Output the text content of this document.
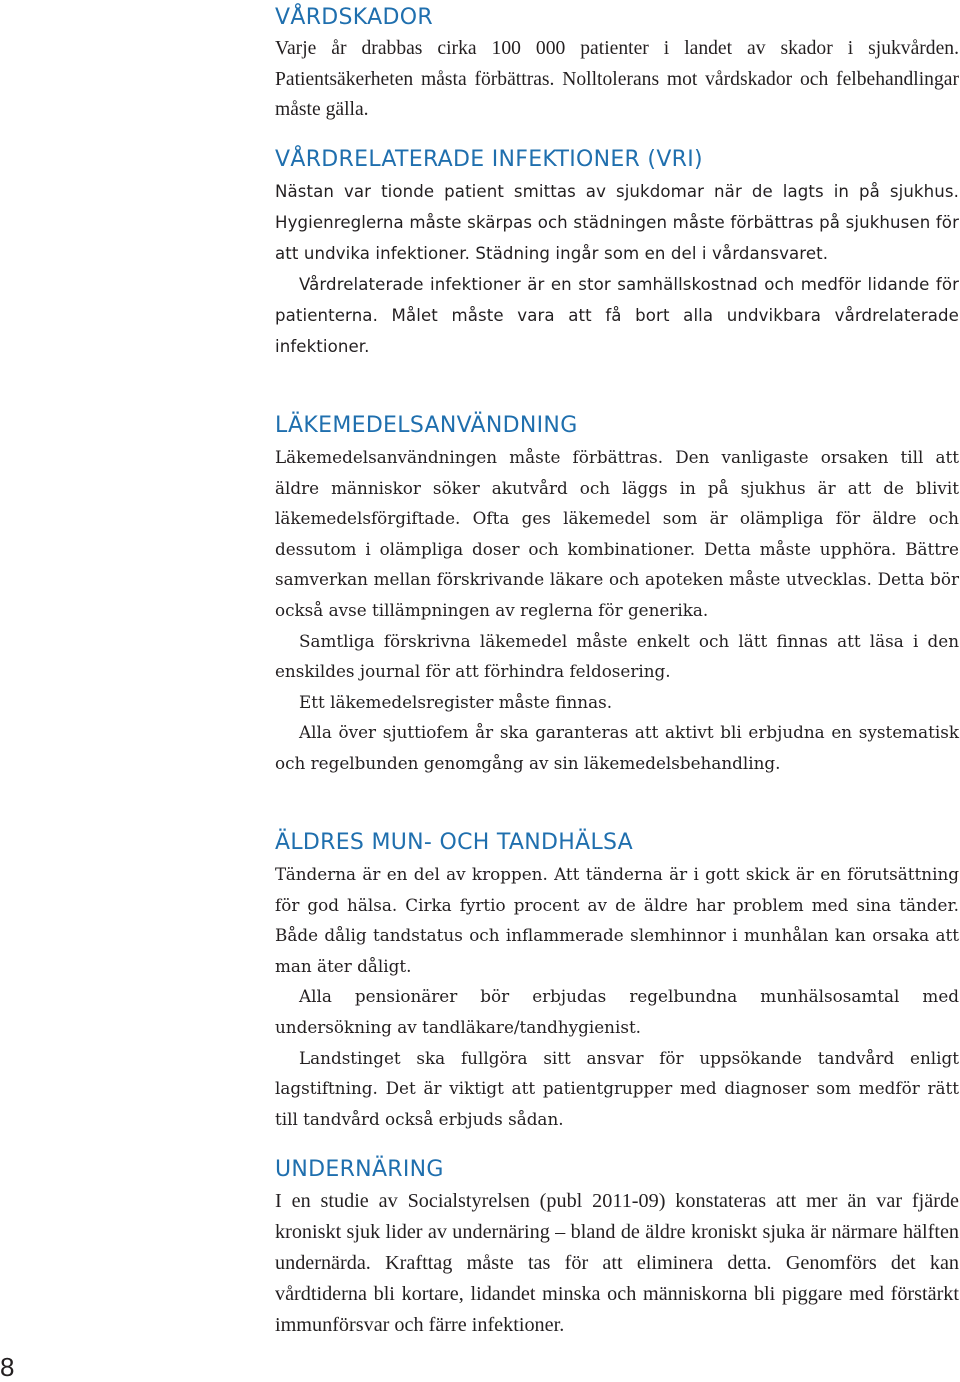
VÅRDSKADOR

Varje år drabbas cirka 100 000 patienter i landet av skador i sjukvården. Patientsäkerheten måsta förbättras. Nolltolerans mot vårdskador och felbehandlingar måste gälla.

VÅRDRELATERADE INFEKTIONER (VRI)

Nästan var tionde patient smittas av sjukdomar när de lagts in på sjukhus. Hygienreglerna måste skärpas och städningen måste förbättras på sjukhusen för att undvika infektioner. Städning ingår som en del i vårdansvaret.

Vårdrelaterade infektioner är en stor samhällskostnad och medför lidande för patienterna. Målet måste vara att få bort alla undvikbara vårdrelaterade infektioner.

LÄKEMEDELSANVÄNDNING

Läkemedelsanvändningen måste förbättras. Den vanligaste orsaken till att äldre människor söker akutvård och läggs in på sjukhus är att de blivit läkemedelsförgiftade. Ofta ges läkemedel som är olämpliga för äldre och dessutom i olämpliga doser och kombinationer. Detta måste upphöra. Bättre samverkan mellan förskrivande läkare och apoteken måste utvecklas. Detta bör också avse tillämpningen av reglerna för generika.

Samtliga förskrivna läkemedel måste enkelt och lätt finnas att läsa i den enskildes journal för att förhindra feldosering.

Ett läkemedelsregister måste finnas.

Alla över sjuttiofem år ska garanteras att aktivt bli erbjudna en systematisk och regelbunden genomgång av sin läkemedelsbehandling.

ÄLDRES MUN- OCH TANDHÄLSA

Tänderna är en del av kroppen. Att tänderna är i gott skick är en förutsättning för god hälsa. Cirka fyrtio procent av de äldre har problem med sina tänder. Både dålig tandstatus och inflammerade slemhinnor i munhålan kan orsaka att man äter dåligt.

Alla pensionärer bör erbjudas regelbundna munhälsosamtal med undersökning av tandläkare/tandhygienist.

Landstinget ska fullgöra sitt ansvar för uppsökande tandvård enligt lagstiftning. Det är viktigt att patientgrupper med diagnoser som medför rätt till tandvård också erbjuds sådan.

UNDERNÄRING

I en studie av Socialstyrelsen (publ 2011-09) konstateras att mer än var fjärde kroniskt sjuk lider av undernäring – bland de äldre kroniskt sjuka är närmare hälften undernärda. Krafttag måste tas för att eliminera detta. Genomförs det kan vårdtiderna bli kortare, lidandet minska och människorna bli piggare med förstärkt immunförsvar och färre infektioner.

8
